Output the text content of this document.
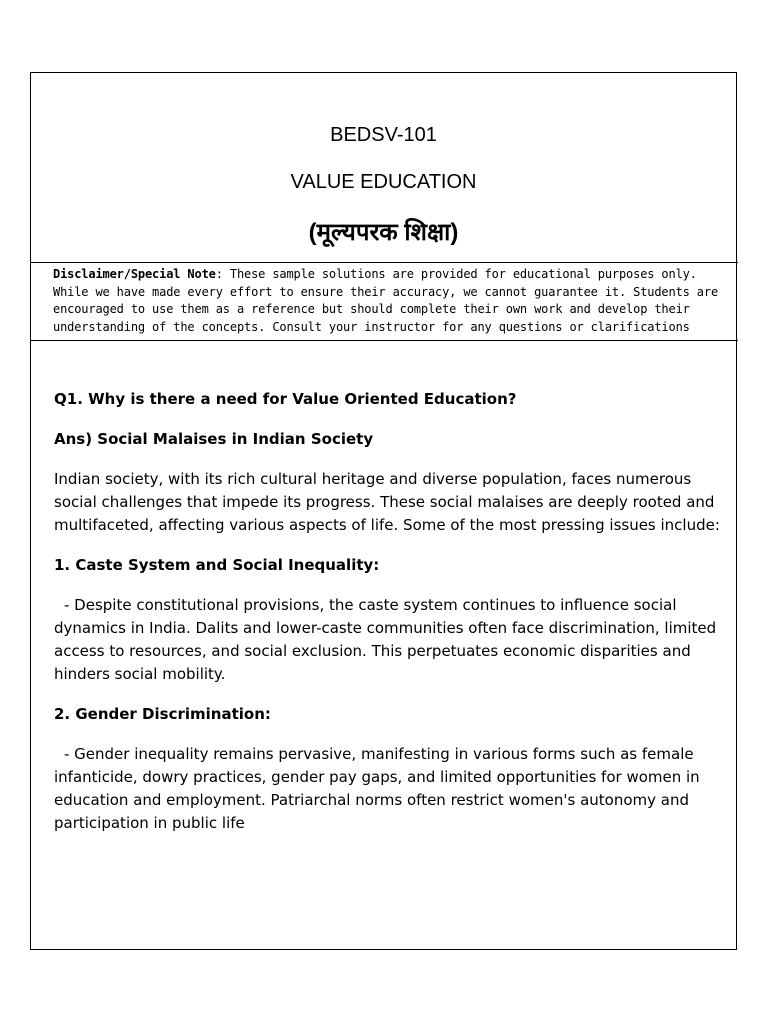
BEDSV-101
VALUE EDUCATION
(मूल्यपरक शिक्षा)
Disclaimer/Special Note: These sample solutions are provided for educational purposes only. While we have made every effort to ensure their accuracy, we cannot guarantee it. Students are encouraged to use them as a reference but should complete their own work and develop their understanding of the concepts. Consult your instructor for any questions or clarifications

Q1. Why is there a need for Value Oriented Education?

Ans) Social Malaises in Indian Society

Indian society, with its rich cultural heritage and diverse population, faces numerous social challenges that impede its progress. These social malaises are deeply rooted and multifaceted, affecting various aspects of life. Some of the most pressing issues include:

1. Caste System and Social Inequality:

- Despite constitutional provisions, the caste system continues to influence social dynamics in India. Dalits and lower-caste communities often face discrimination, limited access to resources, and social exclusion. This perpetuates economic disparities and hinders social mobility.

2. Gender Discrimination:

- Gender inequality remains pervasive, manifesting in various forms such as female infanticide, dowry practices, gender pay gaps, and limited opportunities for women in education and employment. Patriarchal norms often restrict women's autonomy and participation in public life
